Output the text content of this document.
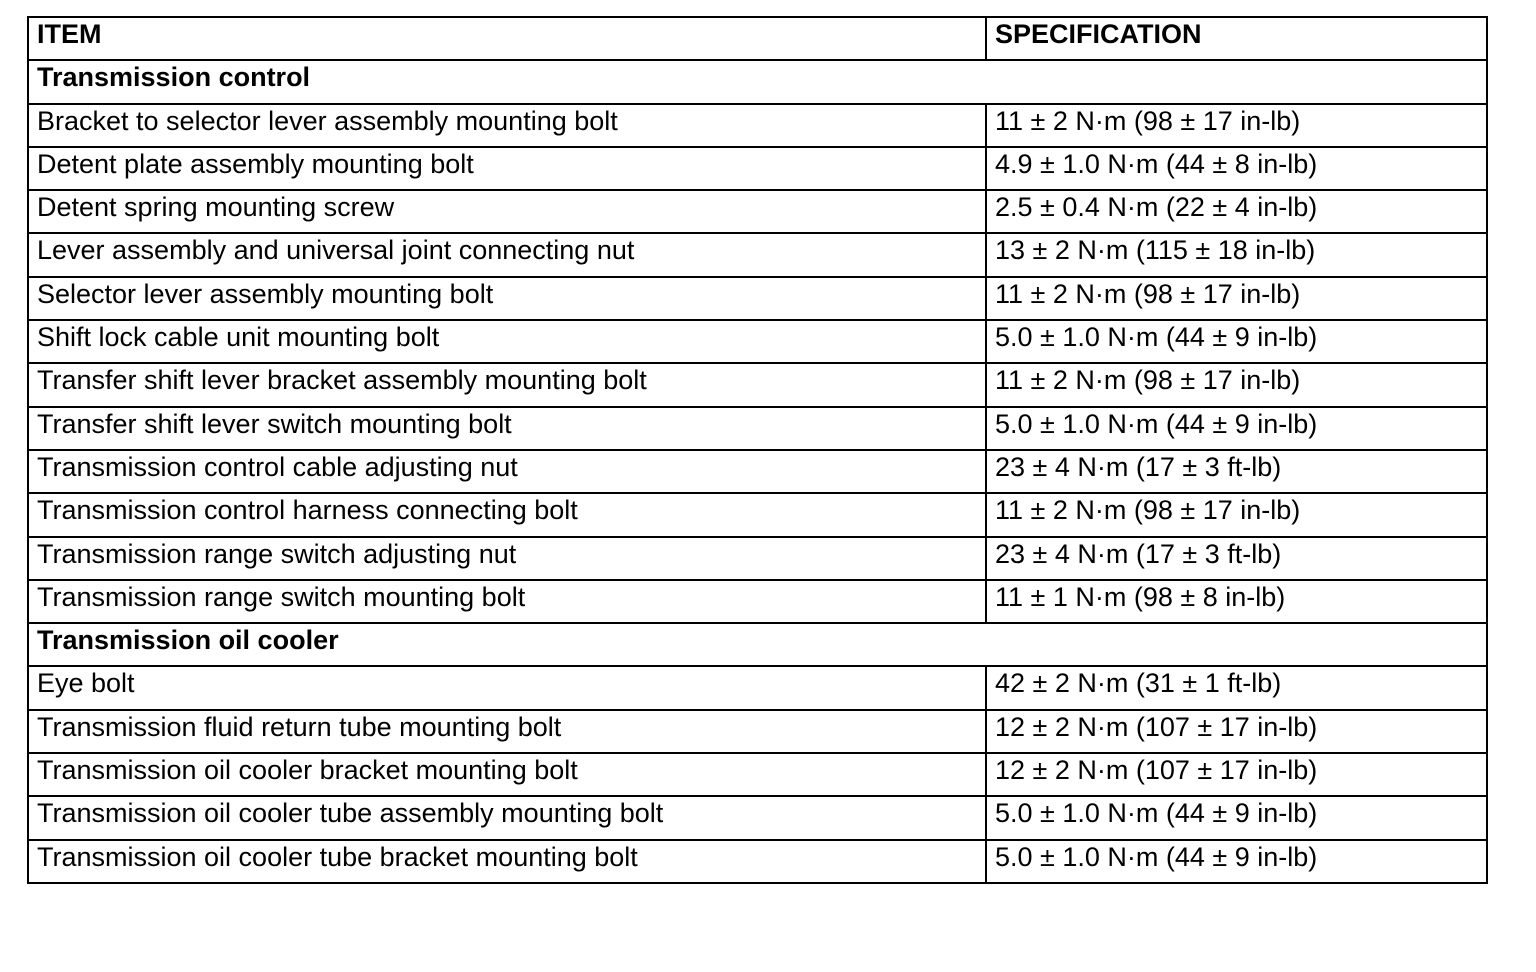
ITEM	SPECIFICATION
Transmission control	
Bracket to selector lever assembly mounting bolt	11 ± 2 N·m (98 ± 17 in-lb)
Detent plate assembly mounting bolt	4.9 ± 1.0 N·m (44 ± 8 in-lb)
Detent spring mounting screw	2.5 ± 0.4 N·m (22 ± 4 in-lb)
Lever assembly and universal joint connecting nut	13 ± 2 N·m (115 ± 18 in-lb)
Selector lever assembly mounting bolt	11 ± 2 N·m (98 ± 17 in-lb)
Shift lock cable unit mounting bolt	5.0 ± 1.0 N·m (44 ± 9 in-lb)
Transfer shift lever bracket assembly mounting bolt	11 ± 2 N·m (98 ± 17 in-lb)
Transfer shift lever switch mounting bolt	5.0 ± 1.0 N·m (44 ± 9 in-lb)
Transmission control cable adjusting nut	23 ± 4 N·m (17 ± 3 ft-lb)
Transmission control harness connecting bolt	11 ± 2 N·m (98 ± 17 in-lb)
Transmission range switch adjusting nut	23 ± 4 N·m (17 ± 3 ft-lb)
Transmission range switch mounting bolt	11 ± 1 N·m (98 ± 8 in-lb)
Transmission oil cooler	
Eye bolt	42 ± 2 N·m (31 ± 1 ft-lb)
Transmission fluid return tube mounting bolt	12 ± 2 N·m (107 ± 17 in-lb)
Transmission oil cooler bracket mounting bolt	12 ± 2 N·m (107 ± 17 in-lb)
Transmission oil cooler tube assembly mounting bolt	5.0 ± 1.0 N·m (44 ± 9 in-lb)
Transmission oil cooler tube bracket mounting bolt	5.0 ± 1.0 N·m (44 ± 9 in-lb)
